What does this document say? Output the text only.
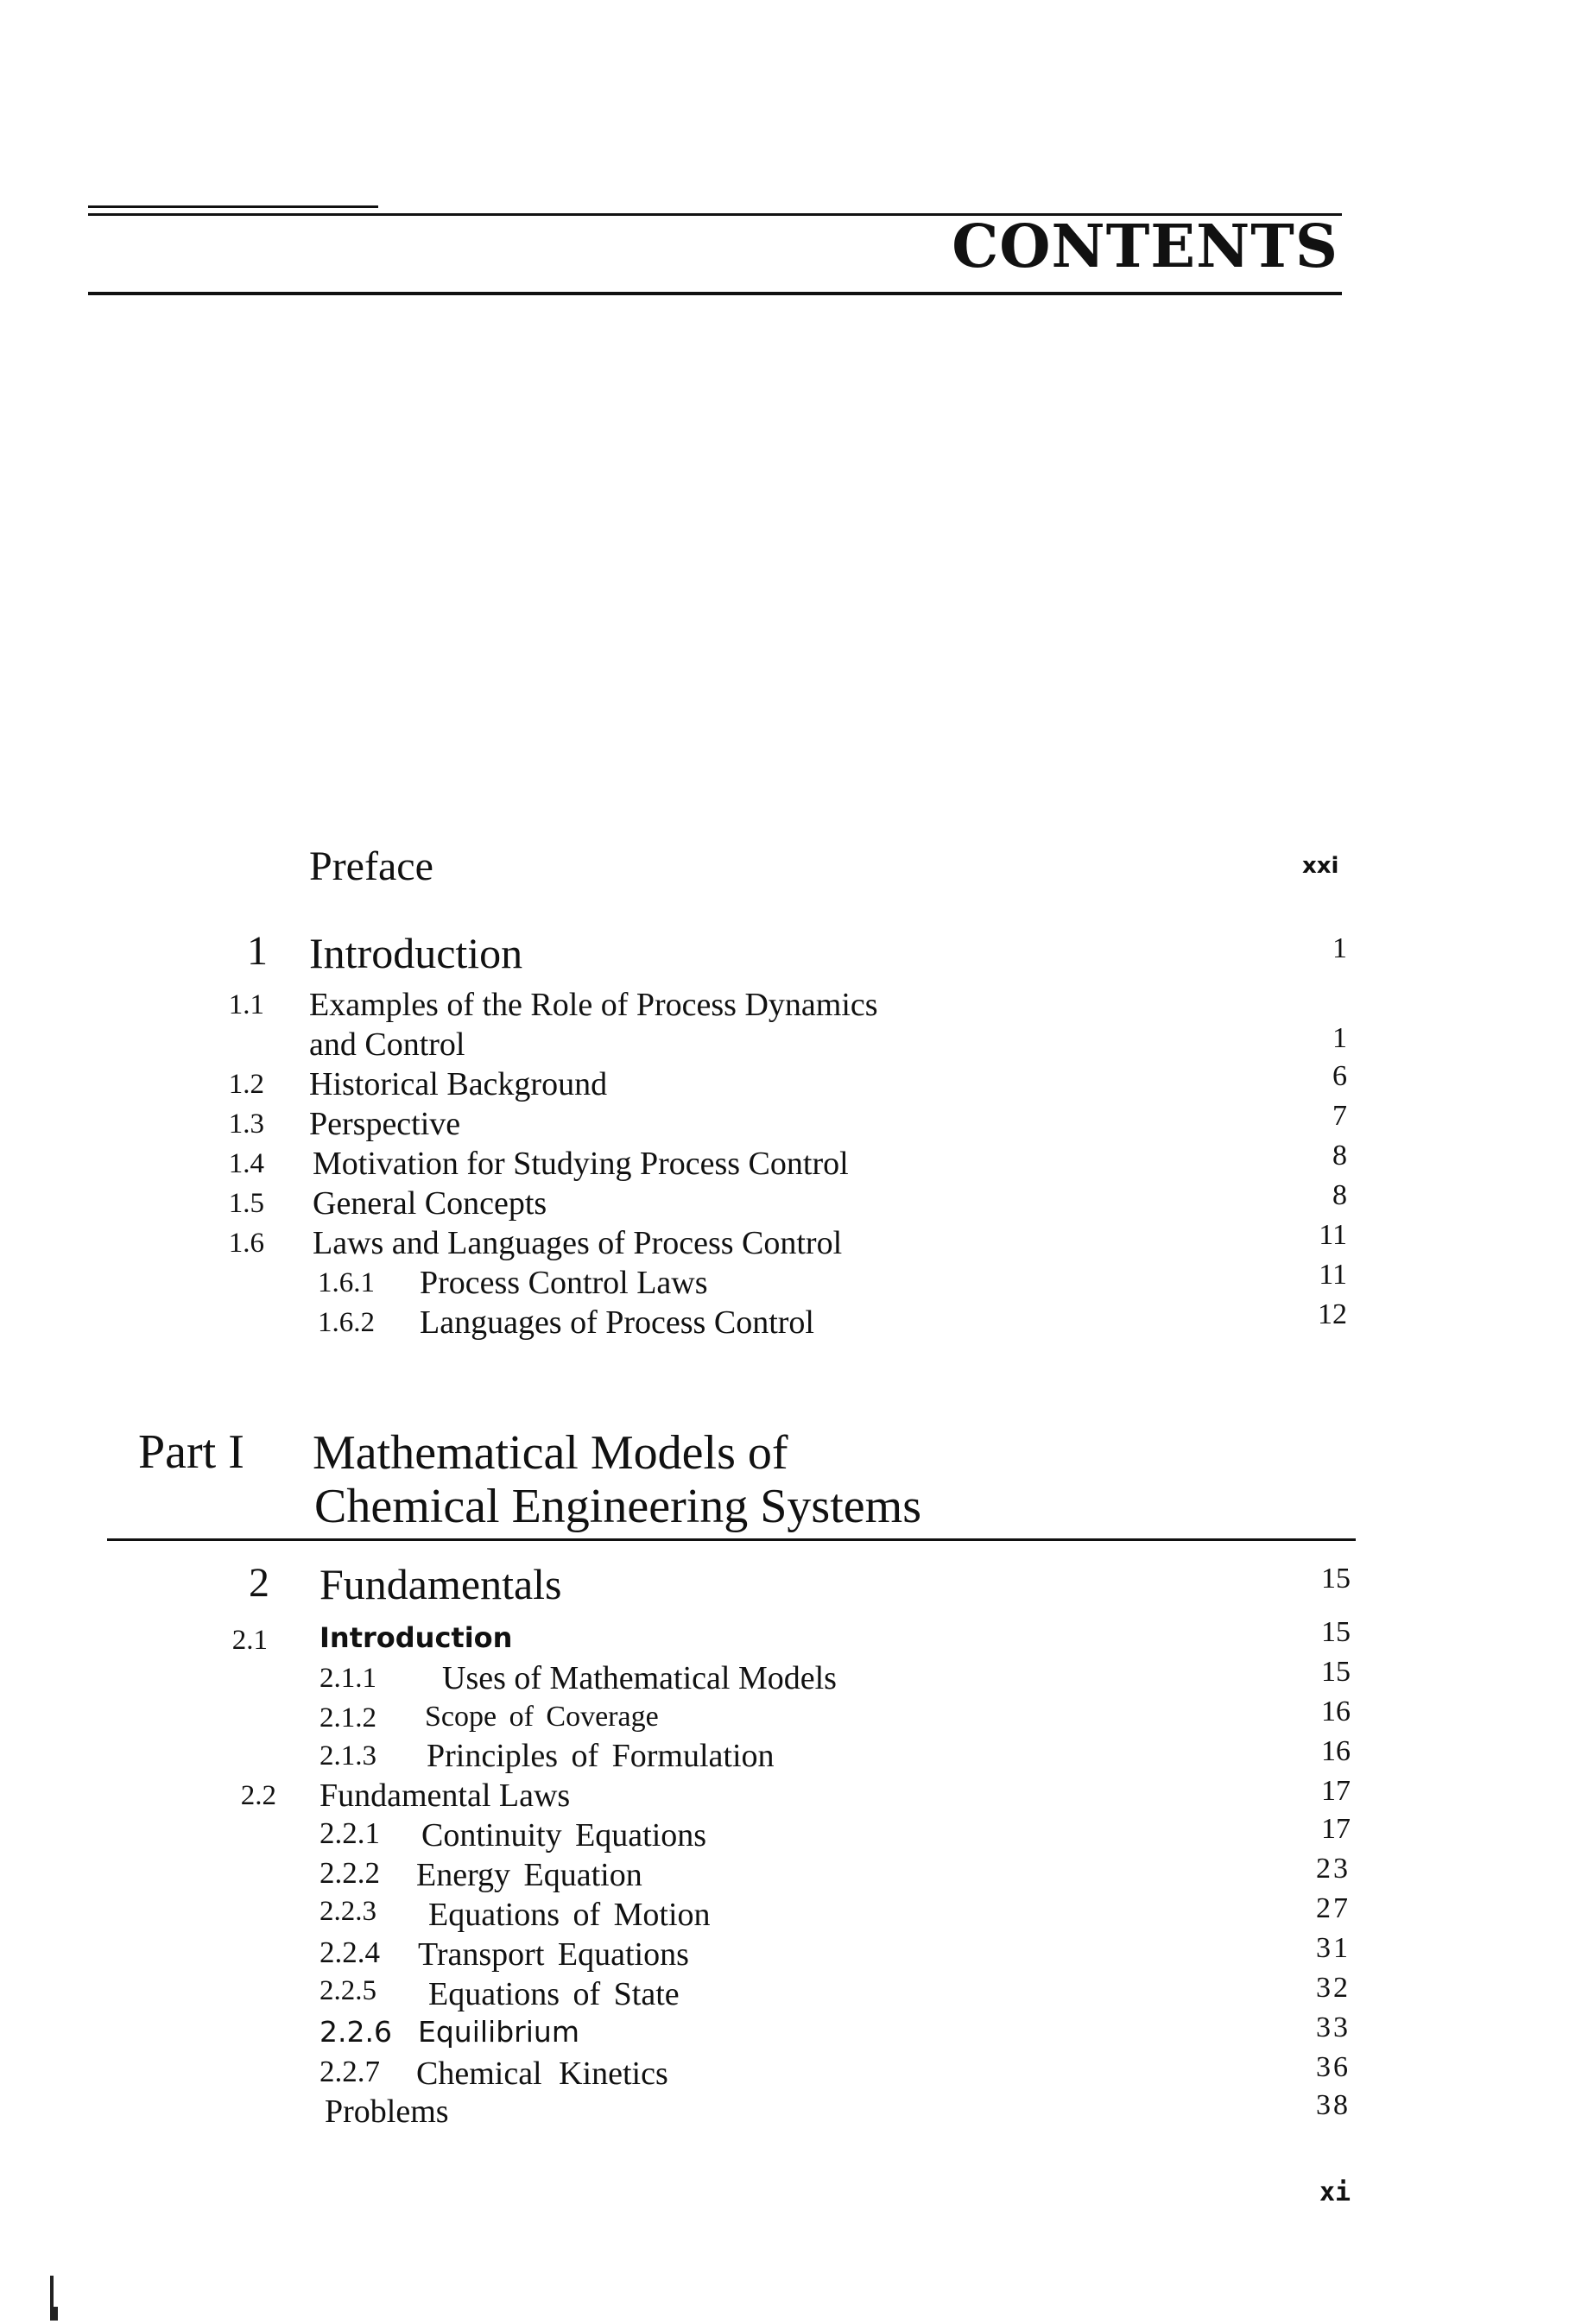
CONTENTS
Preface	xxi
1 Introduction	1
1.1 Examples of the Role of Process Dynamics
and Control	1
1.2 Historical Background	6
1.3 Perspective	7
1.4 Motivation for Studying Process Control	8
1.5 General Concepts	8
1.6 Laws and Languages of Process Control	11
1.6.1 Process Control Laws	11
1.6.2 Languages of Process Control	12
Part I Mathematical Models of
Chemical Engineering Systems
2 Fundamentals	15
2.1 Introduction	15
2.1.1 Uses of Mathematical Models	15
2.1.2 Scope of Coverage	16
2.1.3 Principles of Formulation	16
2.2 Fundamental Laws	17
2.2.1 Continuity Equations	17
2.2.2 Energy Equation	23
2.2.3 Equations of Motion	27
2.2.4 Transport Equations	31
2.2.5 Equations of State	32
2.2.6 Equilibrium	33
2.2.7 Chemical Kinetics	36
Problems	38
xi
